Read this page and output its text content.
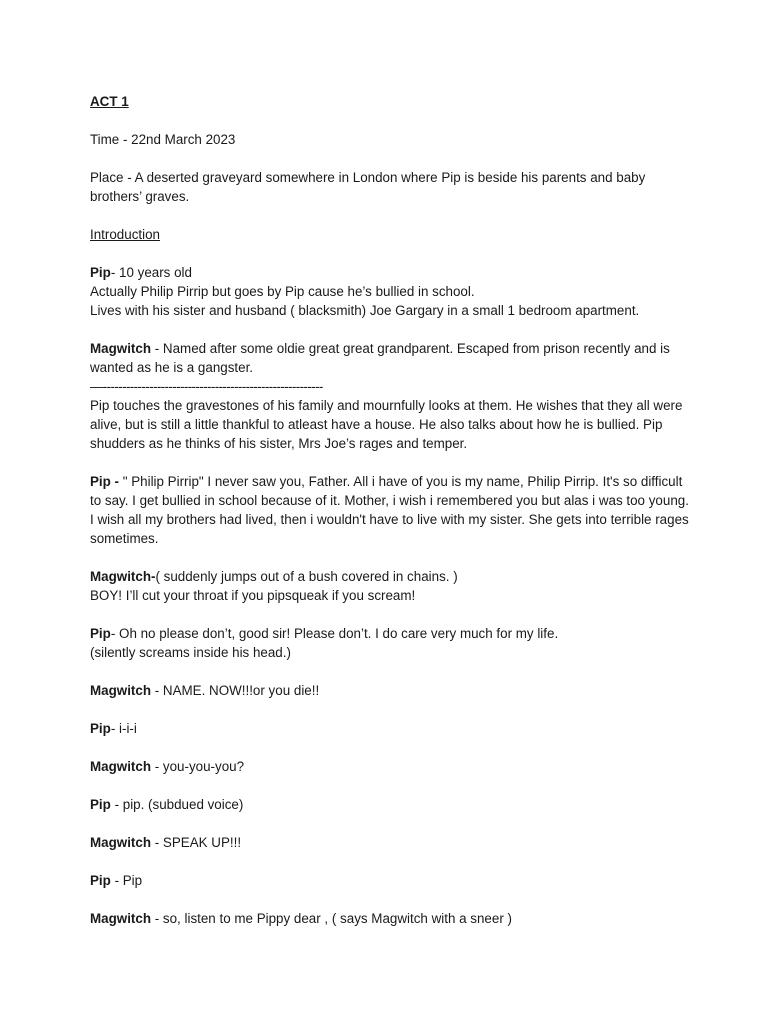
ACT 1

Time - 22nd March 2023

Place - A deserted graveyard somewhere in London where Pip is beside his parents and baby brothers’ graves.

Introduction

Pip- 10 years old

Actually Philip Pirrip but goes by Pip cause he’s bullied in school.

Lives with his sister and husband ( blacksmith) Joe Gargary in a small 1 bedroom apartment.

Magwitch - Named after some oldie great great grandparent. Escaped from prison recently and is wanted as he is a gangster.

—---------------------------------------------------------

Pip touches the gravestones of his family and mournfully looks at them. He wishes that they all were alive, but is still a little thankful to atleast have a house. He also talks about how he is bullied. Pip shudders as he thinks of his sister, Mrs Joe’s rages and temper.

Pip - " Philip Pirrip" I never saw you, Father. All i have of you is my name, Philip Pirrip. It's so difficult to say. I get bullied in school because of it. Mother, i wish i remembered you but alas i was too young. I wish all my brothers had lived, then i wouldn't have to live with my sister. She gets into terrible rages sometimes.

Magwitch-( suddenly jumps out of a bush covered in chains. )

BOY! I’ll cut your throat if you pipsqueak if you scream!

Pip- Oh no please don’t, good sir! Please don’t. I do care very much for my life.

(silently screams inside his head.)

Magwitch - NAME. NOW!!!or you die!!

Pip- i-i-i

Magwitch - you-you-you?

Pip - pip. (subdued voice)

Magwitch - SPEAK UP!!!

Pip - Pip

Magwitch - so, listen to me Pippy dear , ( says Magwitch with a sneer )
